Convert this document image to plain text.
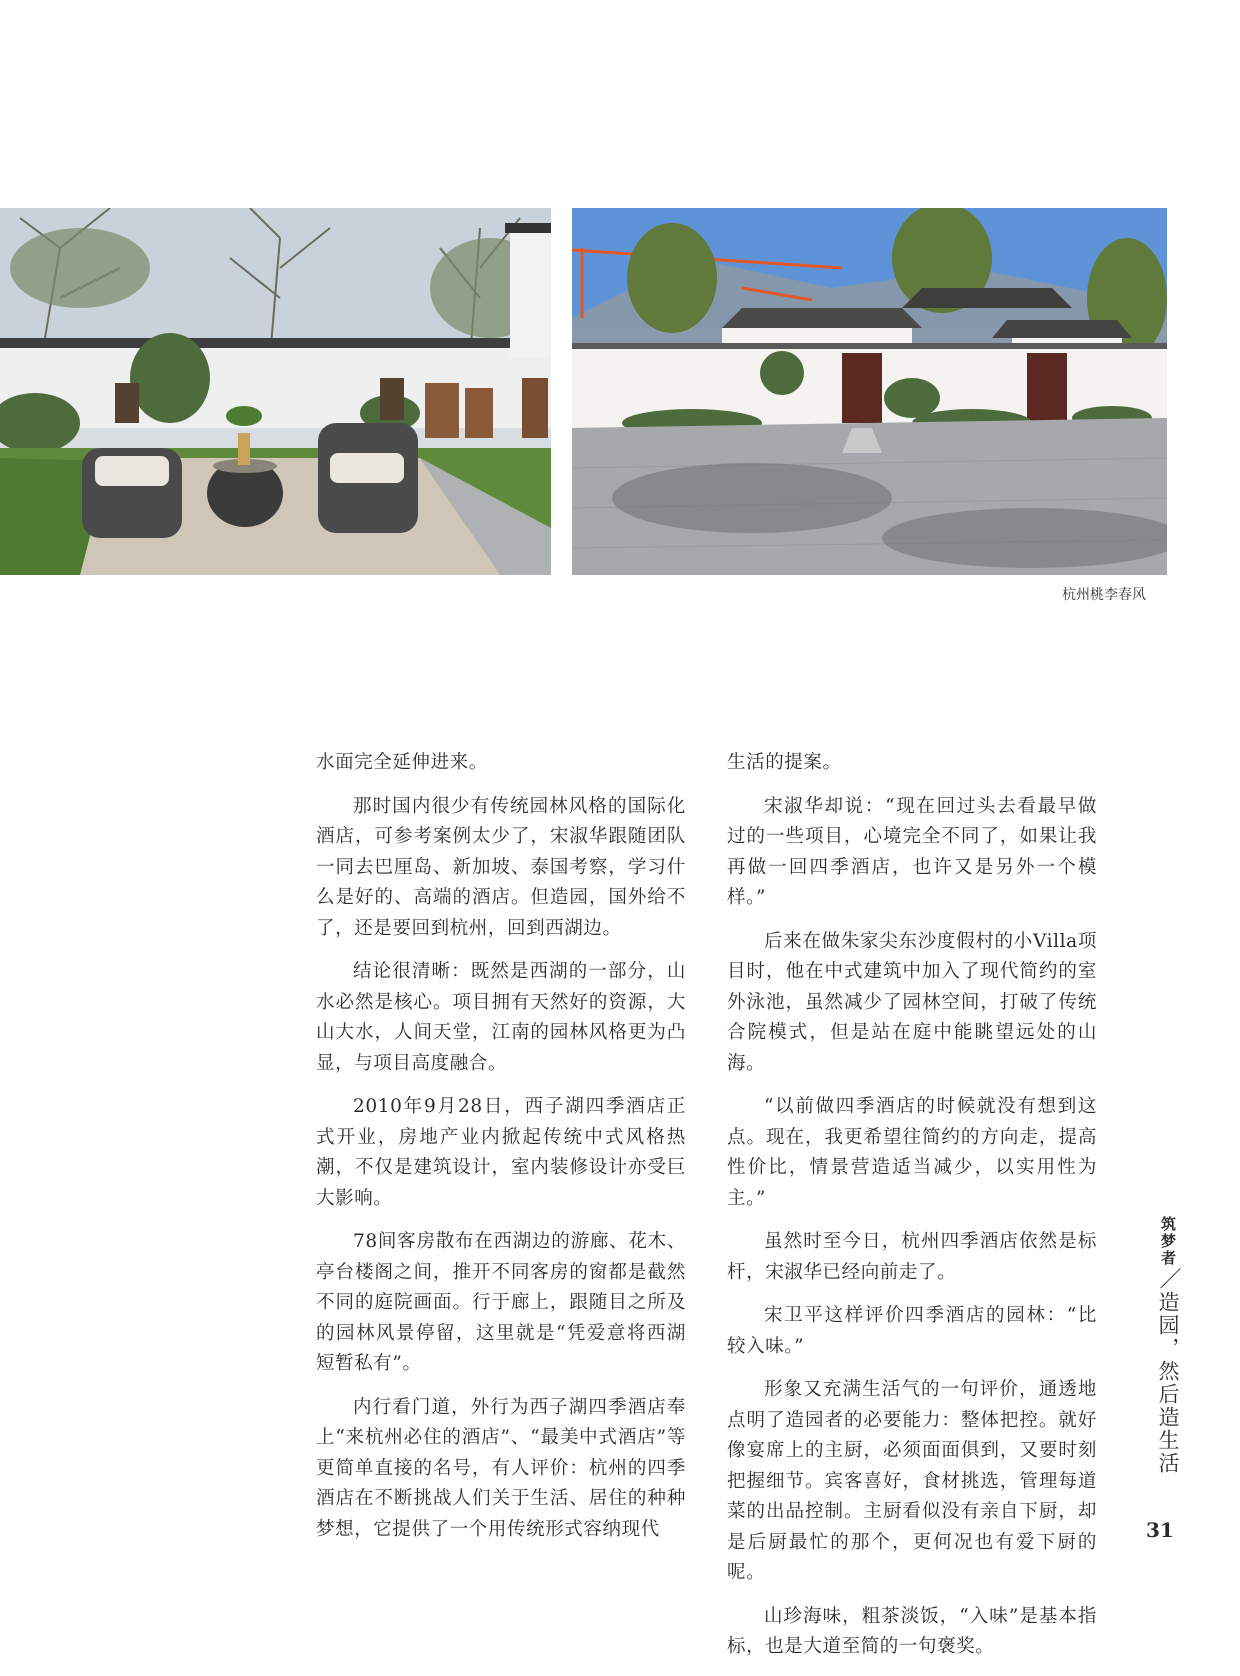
杭州桃李春风

水面完全延伸进来。

那时国内很少有传统园林风格的国际化酒店，可参考案例太少了，宋淑华跟随团队一同去巴厘岛、新加坡、泰国考察，学习什么是好的、高端的酒店。但造园，国外给不了，还是要回到杭州，回到西湖边。

结论很清晰：既然是西湖的一部分，山水必然是核心。项目拥有天然好的资源，大山大水，人间天堂，江南的园林风格更为凸显，与项目高度融合。

2010年9月28日，西子湖四季酒店正式开业，房地产业内掀起传统中式风格热潮，不仅是建筑设计，室内装修设计亦受巨大影响。

78间客房散布在西湖边的游廊、花木、亭台楼阁之间，推开不同客房的窗都是截然不同的庭院画面。行于廊上，跟随目之所及的园林风景停留，这里就是“凭爱意将西湖短暂私有”。

内行看门道，外行为西子湖四季酒店奉上“来杭州必住的酒店”、“最美中式酒店”等更简单直接的名号，有人评价：杭州的四季酒店在不断挑战人们关于生活、居住的种种梦想，它提供了一个用传统形式容纳现代

生活的提案。

宋淑华却说：“现在回过头去看最早做过的一些项目，心境完全不同了，如果让我再做一回四季酒店，也许又是另外一个模样。”

后来在做朱家尖东沙度假村的小Villa项目时，他在中式建筑中加入了现代简约的室外泳池，虽然减少了园林空间，打破了传统合院模式，但是站在庭中能眺望远处的山海。

“以前做四季酒店的时候就没有想到这点。现在，我更希望往简约的方向走，提高性价比，情景营造适当减少，以实用性为主。”

虽然时至今日，杭州四季酒店依然是标杆，宋淑华已经向前走了。

宋卫平这样评价四季酒店的园林：“比较入味。”

形象又充满生活气的一句评价，通透地点明了造园者的必要能力：整体把控。就好像宴席上的主厨，必须面面俱到，又要时刻把握细节。宾客喜好，食材挑选，管理每道菜的出品控制。主厨看似没有亲自下厨，却是后厨最忙的那个，更何况也有爱下厨的呢。

山珍海味，粗茶淡饭，“入味”是基本指标，也是大道至简的一句褒奖。

筑梦者／造园，然后造生活
31
